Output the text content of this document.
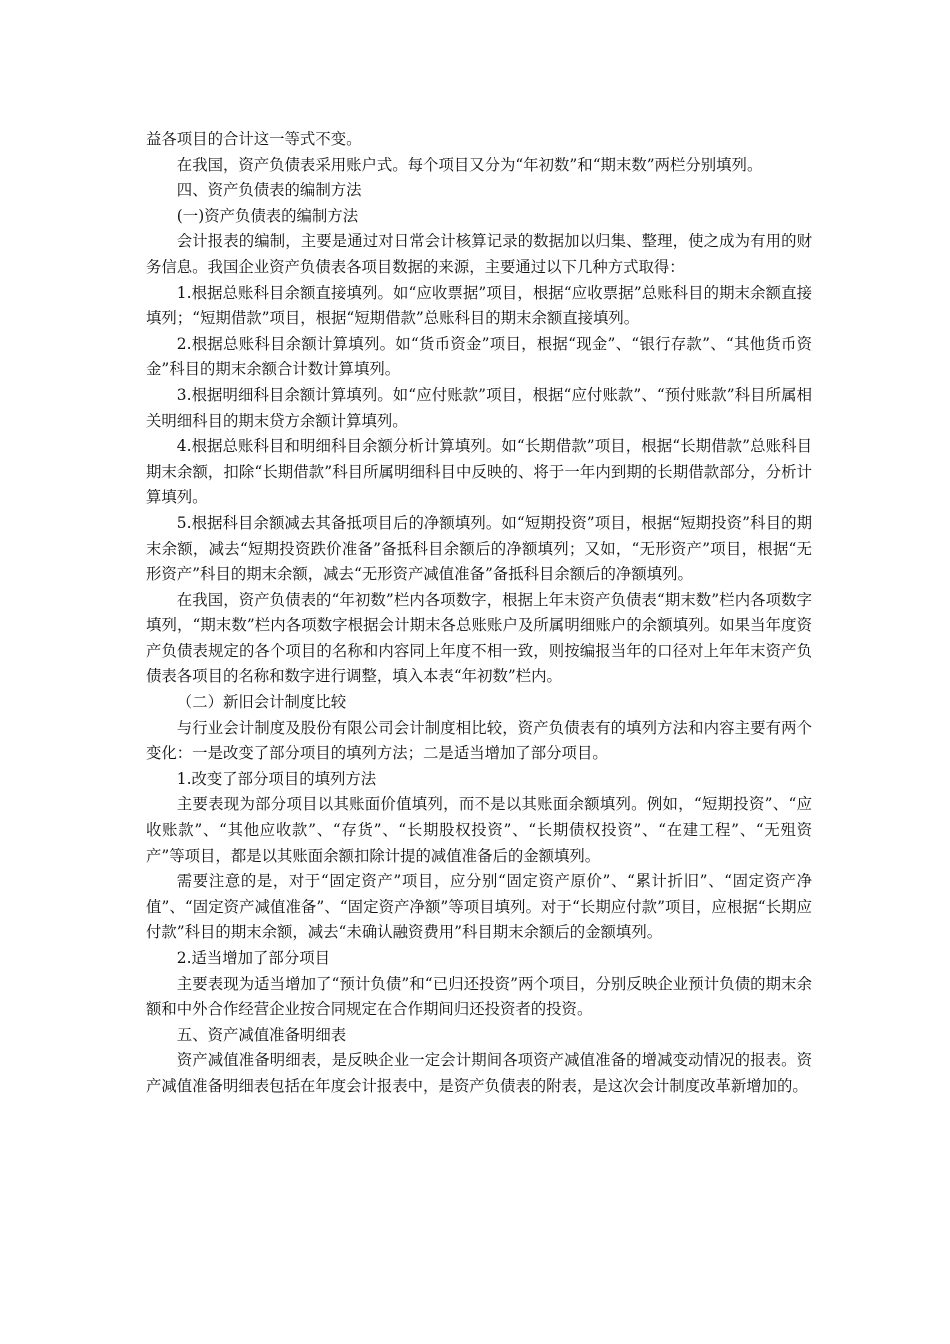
益各项目的合计这一等式不变。

在我国，资产负债表采用账户式。每个项目又分为“年初数”和“期末数”两栏分别填列。

四、资产负债表的编制方法

(一)资产负债表的编制方法

会计报表的编制，主要是通过对日常会计核算记录的数据加以归集、整理，使之成为有用的财务信息。我国企业资产负债表各项目数据的来源，主要通过以下几种方式取得：

1.根据总账科目余额直接填列。如“应收票据”项目，根据“应收票据”总账科目的期末余额直接填列；“短期借款”项目，根据“短期借款”总账科目的期末余额直接填列。

2.根据总账科目余额计算填列。如“货币资金”项目，根据“现金”、“银行存款”、“其他货币资金”科目的期末余额合计数计算填列。

3.根据明细科目余额计算填列。如“应付账款”项目，根据“应付账款”、“预付账款”科目所属相关明细科目的期末贷方余额计算填列。

4.根据总账科目和明细科目余额分析计算填列。如“长期借款”项目，根据“长期借款”总账科目期末余额，扣除“长期借款”科目所属明细科目中反映的、将于一年内到期的长期借款部分，分析计算填列。

5.根据科目余额减去其备抵项目后的净额填列。如“短期投资”项目，根据“短期投资”科目的期末余额，减去“短期投资跌价准备”备抵科目余额后的净额填列；又如，“无形资产”项目，根据“无形资产”科目的期末余额，减去“无形资产减值准备”备抵科目余额后的净额填列。

在我国，资产负债表的“年初数”栏内各项数字，根据上年末资产负债表“期末数”栏内各项数字填列，“期末数”栏内各项数字根据会计期末各总账账户及所属明细账户的余额填列。如果当年度资产负债表规定的各个项目的名称和内容同上年度不相一致，则按编报当年的口径对上年年末资产负债表各项目的名称和数字进行调整，填入本表“年初数”栏内。

（二）新旧会计制度比较

与行业会计制度及股份有限公司会计制度相比较，资产负债表有的填列方法和内容主要有两个变化：一是改变了部分项目的填列方法；二是适当增加了部分项目。

1.改变了部分项目的填列方法

主要表现为部分项目以其账面价值填列，而不是以其账面余额填列。例如，“短期投资”、“应收账款”、“其他应收款”、“存货”、“长期股权投资”、“长期债权投资”、“在建工程”、“无殂资产”等项目，都是以其账面余额扣除计提的减值准备后的金额填列。

需要注意的是，对于“固定资产”项目，应分别“固定资产原价”、“累计折旧”、“固定资产净值”、“固定资产减值准备”、“固定资产净额”等项目填列。对于“长期应付款”项目，应根据“长期应付款”科目的期末余额，减去“未确认融资费用”科目期末余额后的金额填列。

2.适当增加了部分项目

主要表现为适当增加了“预计负债”和“已归还投资”两个项目，分别反映企业预计负债的期末余额和中外合作经营企业按合同规定在合作期间归还投资者的投资。

五、资产减值准备明细表

资产减值准备明细表，是反映企业一定会计期间各项资产减值准备的增减变动情况的报表。资产减值准备明细表包括在年度会计报表中，是资产负债表的附表，是这次会计制度改革新增加的。
